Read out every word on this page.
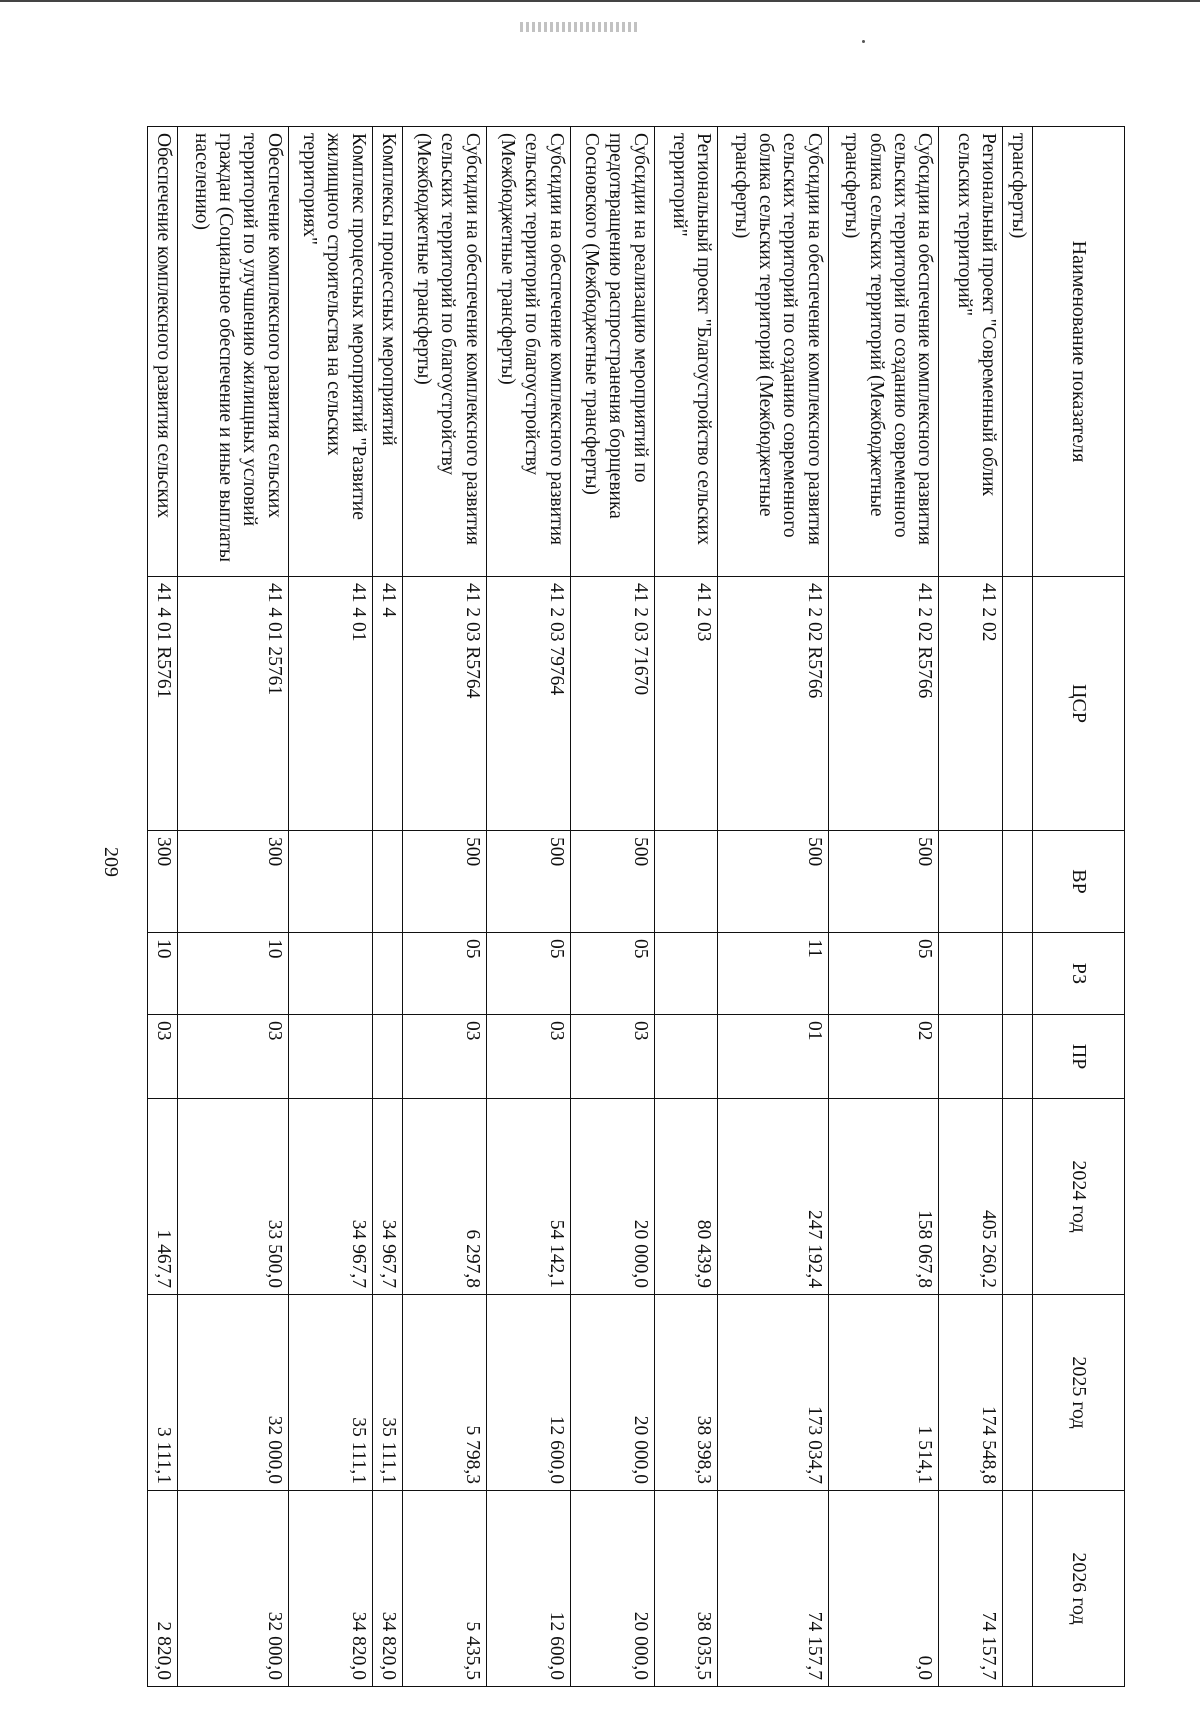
209
Наименование показателя	ЦСР	ВР	РЗ	ПР	2024 год	2025 год	2026 год
трансферты)							
Региональный проект "Современный облик сельских территорий"	41 2 02				405 260,2	174 548,8	74 157,7
Субсидии на обеспечение комплексного развития сельских территорий по созданию современного облика сельских территорий (Межбюджетные трансферты)	41 2 02 R5766	500	05	02	158 067,8	1 514,1	0,0
Субсидии на обеспечение комплексного развития сельских территорий по созданию современного облика сельских территорий (Межбюджетные трансферты)	41 2 02 R5766	500	11	01	247 192,4	173 034,7	74 157,7
Региональный проект "Благоустройство сельских территорий"	41 2 03				80 439,9	38 398,3	38 035,5
Субсидии на реализацию мероприятий по предотвращению распространения борщевика Сосновского (Межбюджетные трансферты)	41 2 03 71670	500	05	03	20 000,0	20 000,0	20 000,0
Субсидии на обеспечение комплексного развития сельских территорий по благоустройству (Межбюджетные трансферты)	41 2 03 79764	500	05	03	54 142,1	12 600,0	12 600,0
Субсидии на обеспечение комплексного развития сельских территорий по благоустройству (Межбюджетные трансферты)	41 2 03 R5764	500	05	03	6 297,8	5 798,3	5 435,5
Комплексы процессных мероприятий	41 4				34 967,7	35 111,1	34 820,0
Комплекс процессных мероприятий "Развитие жилищного строительства на сельских территориях"	41 4 01				34 967,7	35 111,1	34 820,0
Обеспечение комплексного развития сельских территорий по улучшению жилищных условий граждан (Социальное обеспечение и иные выплаты населению)	41 4 01 25761	300	10	03	33 500,0	32 000,0	32 000,0
Обеспечение комплексного развития сельских	41 4 01 R5761	300	10	03	1 467,7	3 111,1	2 820,0
